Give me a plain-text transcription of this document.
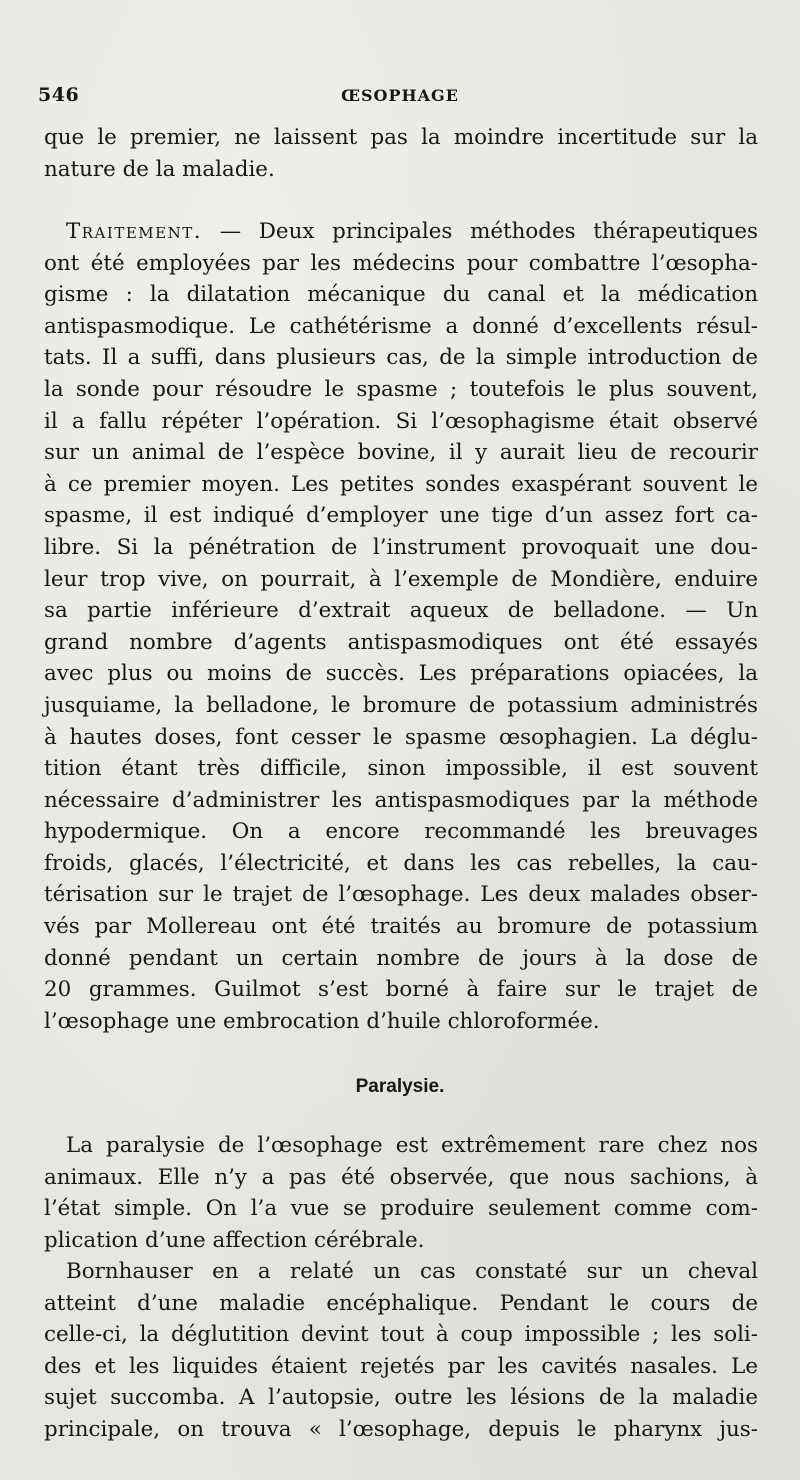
546	ŒSOPHAGE
que le premier, ne laissent pas la moindre incertitude sur la
nature de la maladie.
Traitement. — Deux principales méthodes thérapeutiques
ont été employées par les médecins pour combattre l’œsopha-
gisme : la dilatation mécanique du canal et la médication
antispasmodique. Le cathétérisme a donné d’excellents résul-
tats. Il a suffi, dans plusieurs cas, de la simple introduction de
la sonde pour résoudre le spasme ; toutefois le plus souvent,
il a fallu répéter l’opération. Si l’œsophagisme était observé
sur un animal de l’espèce bovine, il y aurait lieu de recourir
à ce premier moyen. Les petites sondes exaspérant souvent le
spasme, il est indiqué d’employer une tige d’un assez fort ca-
libre. Si la pénétration de l’instrument provoquait une dou-
leur trop vive, on pourrait, à l’exemple de Mondière, enduire
sa partie inférieure d’extrait aqueux de belladone. — Un
grand nombre d’agents antispasmodiques ont été essayés
avec plus ou moins de succès. Les préparations opiacées, la
jusquiame, la belladone, le bromure de potassium administrés
à hautes doses, font cesser le spasme œsophagien. La déglu-
tition étant très difficile, sinon impossible, il est souvent
nécessaire d’administrer les antispasmodiques par la méthode
hypodermique. On a encore recommandé les breuvages
froids, glacés, l’électricité, et dans les cas rebelles, la cau-
térisation sur le trajet de l’œsophage. Les deux malades obser-
vés par Mollereau ont été traités au bromure de potassium
donné pendant un certain nombre de jours à la dose de
20 grammes. Guilmot s’est borné à faire sur le trajet de
l’œsophage une embrocation d’huile chloroformée.
Paralysie.
La paralysie de l’œsophage est extrêmement rare chez nos
animaux. Elle n’y a pas été observée, que nous sachions, à
l’état simple. On l’a vue se produire seulement comme com-
plication d’une affection cérébrale.
Bornhauser en a relaté un cas constaté sur un cheval
atteint d’une maladie encéphalique. Pendant le cours de
celle-ci, la déglutition devint tout à coup impossible ; les soli-
des et les liquides étaient rejetés par les cavités nasales. Le
sujet succomba. A l’autopsie, outre les lésions de la maladie
principale, on trouva « l’œsophage, depuis le pharynx jus-
